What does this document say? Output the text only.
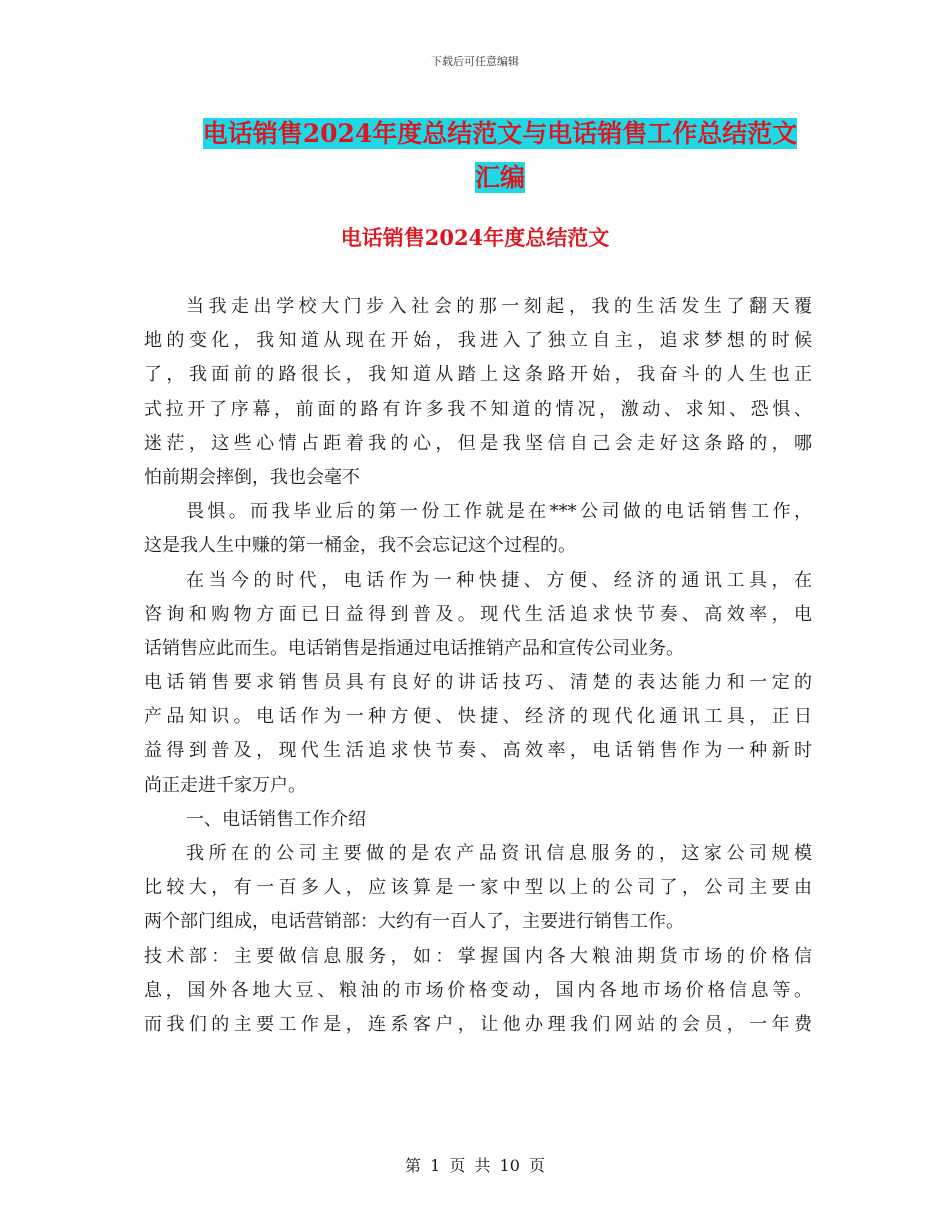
下载后可任意编辑
电话销售2024年度总结范文与电话销售工作总结范文
汇编
电话销售2024年度总结范文
当我走出学校大门步入社会的那一刻起，我的生活发生了翻天覆
地的变化，我知道从现在开始，我进入了独立自主，追求梦想的时候
了，我面前的路很长，我知道从踏上这条路开始，我奋斗的人生也正
式拉开了序幕，前面的路有许多我不知道的情况，激动、求知、恐惧、
迷茫，这些心情占距着我的心，但是我坚信自己会走好这条路的，哪
怕前期会摔倒，我也会毫不
畏惧。而我毕业后的第一份工作就是在***公司做的电话销售工作，
这是我人生中赚的第一桶金，我不会忘记这个过程的。
在当今的时代，电话作为一种快捷、方便、经济的通讯工具，在
咨询和购物方面已日益得到普及。现代生活追求快节奏、高效率，电
话销售应此而生。电话销售是指通过电话推销产品和宣传公司业务。
电话销售要求销售员具有良好的讲话技巧、清楚的表达能力和一定的
产品知识。电话作为一种方便、快捷、经济的现代化通讯工具，正日
益得到普及，现代生活追求快节奏、高效率，电话销售作为一种新时
尚正走进千家万户。
一、电话销售工作介绍
我所在的公司主要做的是农产品资讯信息服务的，这家公司规模
比较大，有一百多人，应该算是一家中型以上的公司了，公司主要由
两个部门组成，电话营销部：大约有一百人了，主要进行销售工作。
技术部：主要做信息服务，如：掌握国内各大粮油期货市场的价格信
息，国外各地大豆、粮油的市场价格变动，国内各地市场价格信息等。
而我们的主要工作是，连系客户，让他办理我们网站的会员，一年费
第 1 页 共 10 页
